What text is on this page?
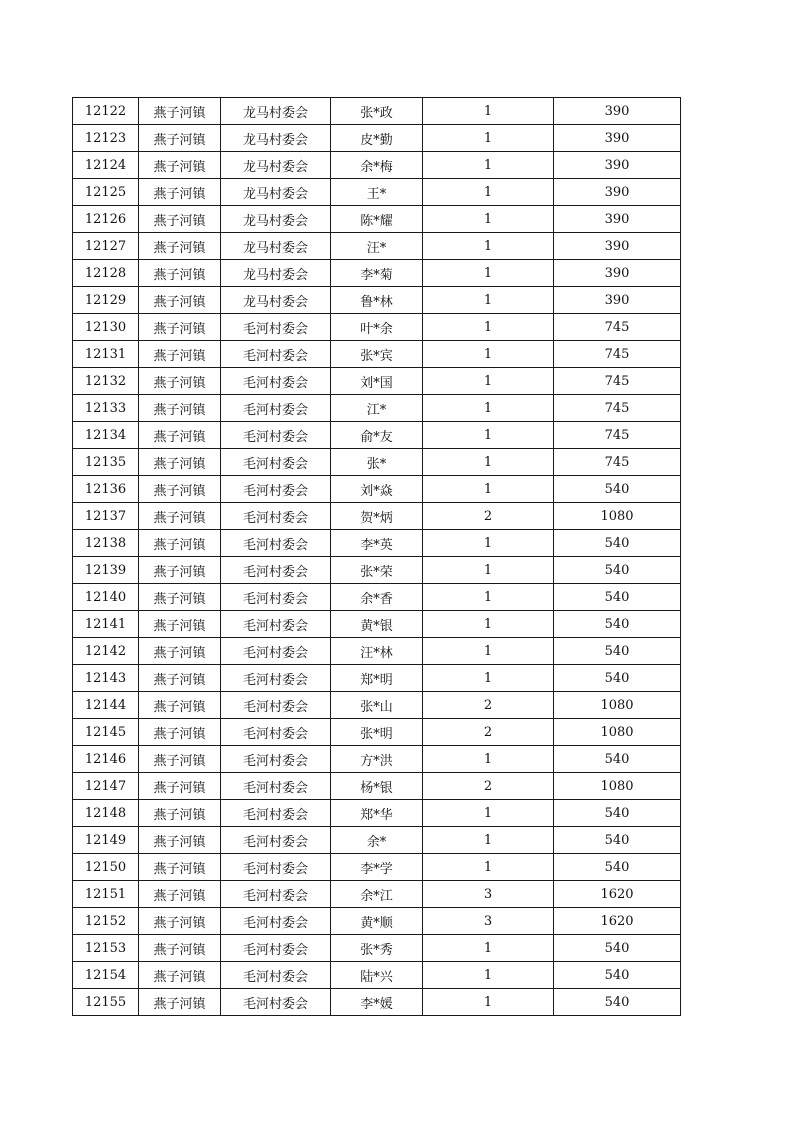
12122	燕子河镇	龙马村委会	张*政	1	390
12123	燕子河镇	龙马村委会	皮*勤	1	390
12124	燕子河镇	龙马村委会	余*梅	1	390
12125	燕子河镇	龙马村委会	王*	1	390
12126	燕子河镇	龙马村委会	陈*耀	1	390
12127	燕子河镇	龙马村委会	汪*	1	390
12128	燕子河镇	龙马村委会	李*菊	1	390
12129	燕子河镇	龙马村委会	鲁*林	1	390
12130	燕子河镇	毛河村委会	叶*余	1	745
12131	燕子河镇	毛河村委会	张*宾	1	745
12132	燕子河镇	毛河村委会	刘*国	1	745
12133	燕子河镇	毛河村委会	江*	1	745
12134	燕子河镇	毛河村委会	俞*友	1	745
12135	燕子河镇	毛河村委会	张*	1	745
12136	燕子河镇	毛河村委会	刘*焱	1	540
12137	燕子河镇	毛河村委会	贺*炳	2	1080
12138	燕子河镇	毛河村委会	李*英	1	540
12139	燕子河镇	毛河村委会	张*荣	1	540
12140	燕子河镇	毛河村委会	余*香	1	540
12141	燕子河镇	毛河村委会	黄*银	1	540
12142	燕子河镇	毛河村委会	汪*林	1	540
12143	燕子河镇	毛河村委会	郑*明	1	540
12144	燕子河镇	毛河村委会	张*山	2	1080
12145	燕子河镇	毛河村委会	张*明	2	1080
12146	燕子河镇	毛河村委会	方*洪	1	540
12147	燕子河镇	毛河村委会	杨*银	2	1080
12148	燕子河镇	毛河村委会	郑*华	1	540
12149	燕子河镇	毛河村委会	余*	1	540
12150	燕子河镇	毛河村委会	李*学	1	540
12151	燕子河镇	毛河村委会	余*江	3	1620
12152	燕子河镇	毛河村委会	黄*顺	3	1620
12153	燕子河镇	毛河村委会	张*秀	1	540
12154	燕子河镇	毛河村委会	陆*兴	1	540
12155	燕子河镇	毛河村委会	李*媛	1	540
